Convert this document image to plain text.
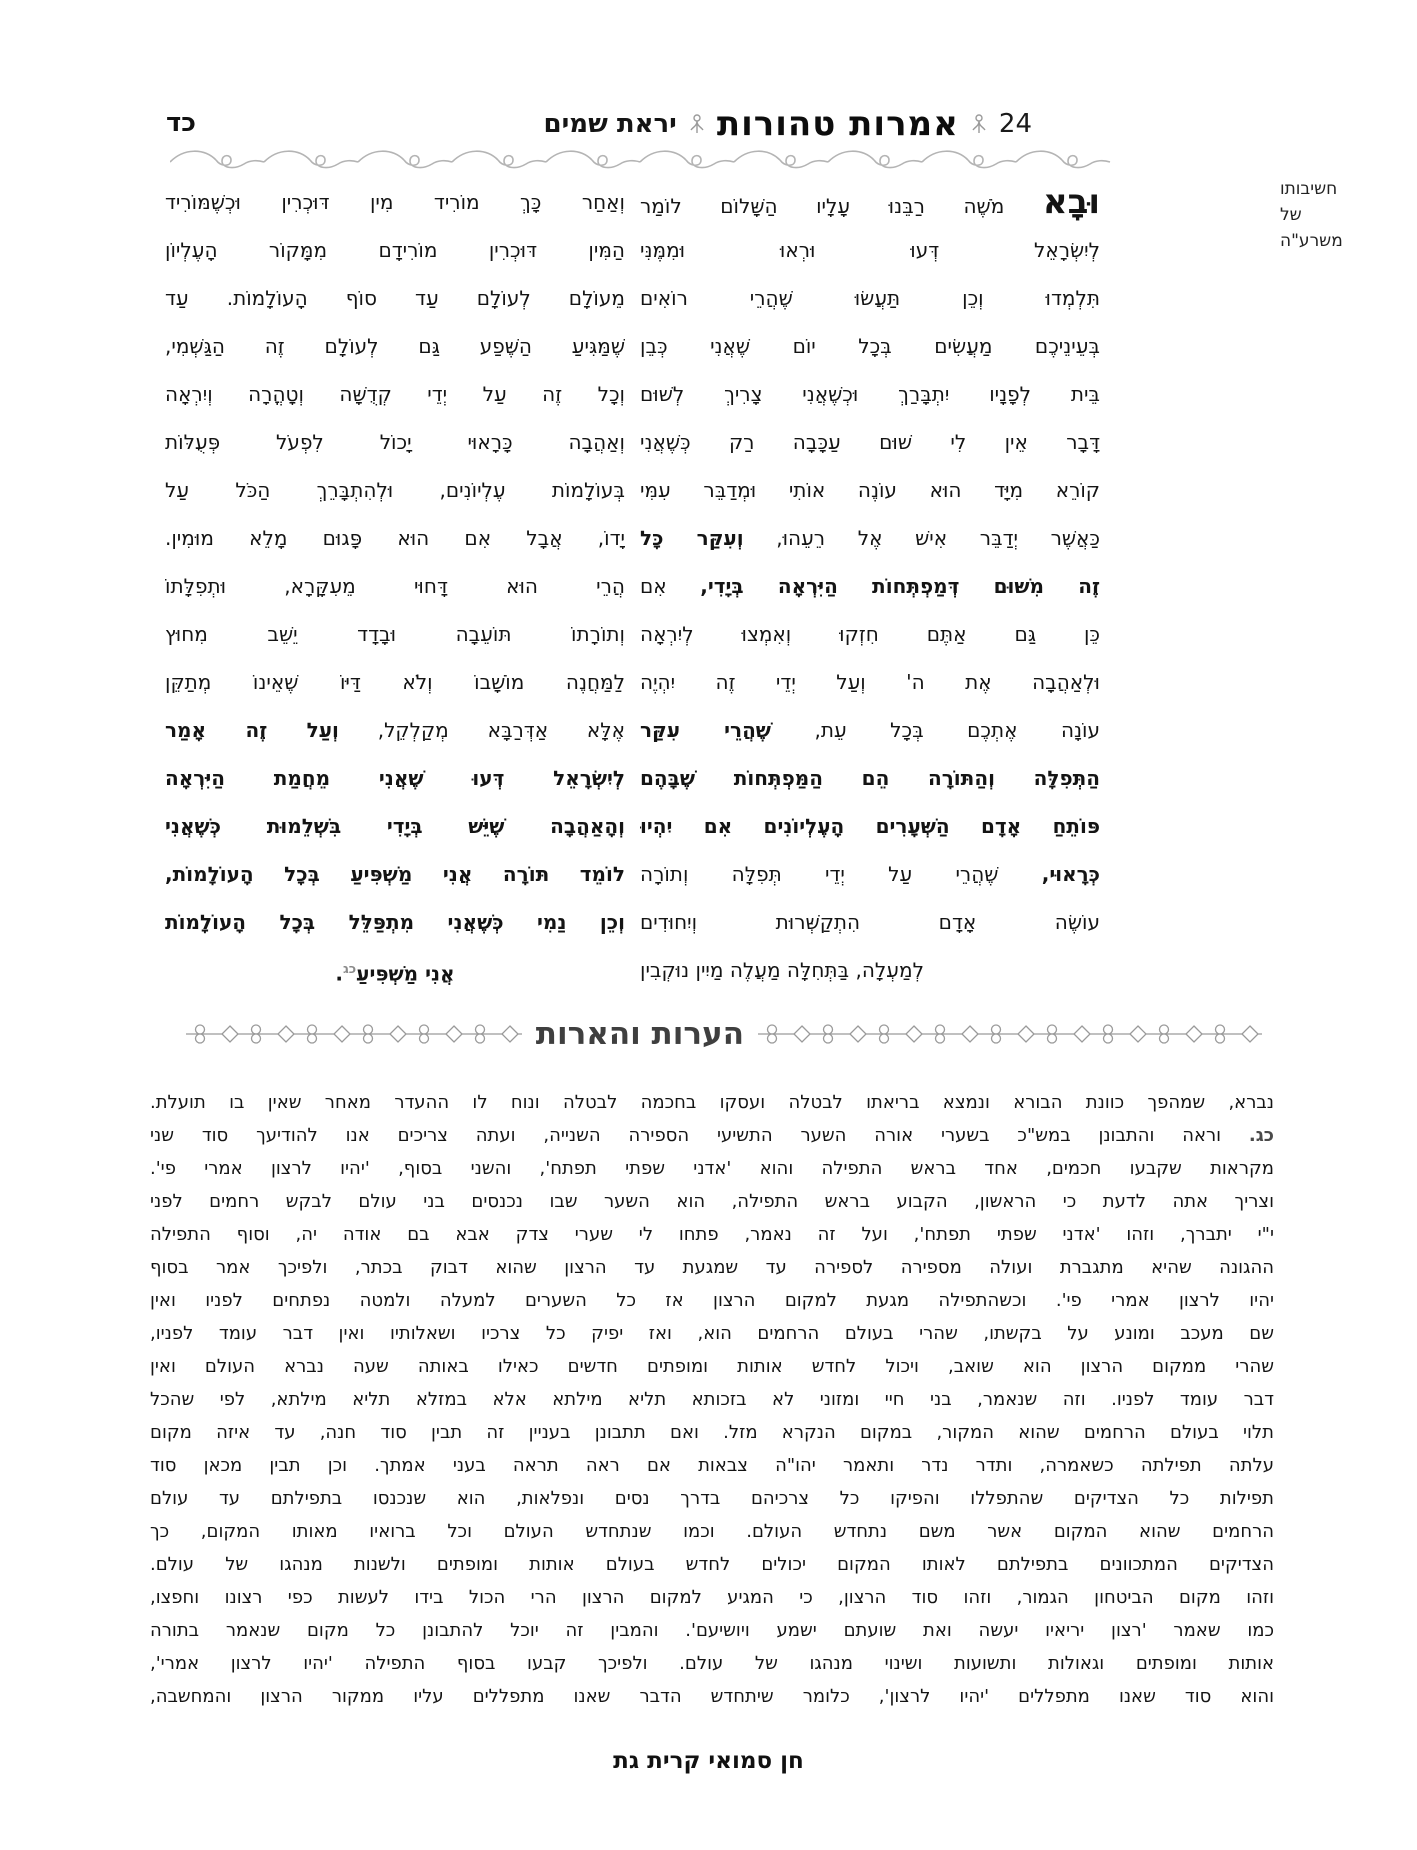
24
אמרות טהורות
יראת שמים
כד
חשיבותו
של
משרע"ה
וּבָא מֹשֶׁה רַבֵּנוּ עָלָיו הַשָּׁלוֹם לוֹמַר
לְיִשְׂרָאֵל דְּעוּ וּרְאוּ וּמִמֶּנִּי
תִּלְמְדוּ וְכֵן תַּעֲשׂוּ שֶׁהֲרֵי רוֹאִים
בְּעֵינֵיכֶם מַעֲשִׂים בְּכָל יוֹם שֶׁאֲנִי כְּבֵן
בֵּית לְפָנָיו יִתְבָּרַךְ וּכְשֶׁאֲנִי צָרִיךְ לְשׁוּם
דָּבָר אֵין לִי שׁוּם עַכָּבָה רַק כְּשֶׁאֲנִי
קוֹרֵא מִיָּד הוּא עוֹנֶה אוֹתִי וּמְדַבֵּר עִמִּי
כַּאֲשֶׁר יְדַבֵּר אִישׁ אֶל רֵעֵהוּ, וְעִקַּר כָּל
זֶה מִשּׁוּם דְּמַפְתְּחוֹת הַיִּרְאָה בְּיָדִי, אִם
כֵּן גַּם אַתֶּם חִזְקוּ וְאִמְצוּ לְיִרְאָה
וּלְאַהֲבָה אֶת ה' וְעַל יְדֵי זֶה יִהְיֶה
עוֹנָה אֶתְכֶם בְּכָל עֵת, שֶׁהֲרֵי עִקַּר
הַתְּפִלָּה וְהַתּוֹרָה הֵם הַמַּפְתְּחוֹת שֶׁבָּהֶם
פּוֹתֵחַ אָדָם הַשְּׁעָרִים הָעֶלְיוֹנִים אִם יִהְיוּ
כְּרָאוּי, שֶׁהֲרֵי עַל יְדֵי תְּפִלָּה וְתוֹרָה
עוֹשֶׂה אָדָם הִתְקַשְּׁרוּת וְיִחוּדִים
לְמַעְלָה, בַּתְּחִלָּה מַעֲלֶה מַיִין נוּקְבִין
וְאַחַר כָּךְ מוֹרִיד מִין דּוּכְרִין וּכְשֶׁמּוֹרִיד
הַמִּין דּוּכְרִין מוֹרִידָם מִמָּקוֹר הָעֶלְיוֹן
מֵעוֹלָם לְעוֹלָם עַד סוֹף הָעוֹלָמוֹת. עַד
שֶׁמַּגִּיעַ הַשֶּׁפַע גַּם לְעוֹלָם זֶה הַגַּשְׁמִי,
וְכָל זֶה עַל יְדֵי קְדֻשָּׁה וְטָהֳרָה וְיִרְאָה
וְאַהֲבָה כָּרָאוּי יָכוֹל לִפְעֹל פְּעֻלּוֹת
בְּעוֹלָמוֹת עֶלְיוֹנִים, וּלְהִתְבָּרֵךְ הַכֹּל עַל
יָדוֹ, אֲבָל אִם הוּא פָּגוּם מָלֵא מוּמִין.
הֲרֵי הוּא דָּחוּי מֵעִקָּרָא, וּתְפִלָּתוֹ
וְתוֹרָתוֹ תּוֹעֵבָה וּבָדָד יֵשֵׁב מִחוּץ
לַמַּחֲנֶה מוֹשָׁבוֹ וְלֹא דַּיּוֹ שֶׁאֵינוֹ מְתַקֵּן
אֶלָּא אַדְּרַבָּא מְקַלְקֵל, וְעַל זֶה אָמַר
לְיִשְׂרָאֵל דְּעוּ שֶׁאֲנִי מֵחֲמַת הַיִּרְאָה
וְהָאַהֲבָה שֶׁיֵּשׁ בְּיָדִי בִּשְׁלֵמוּת כְּשֶׁאֲנִי
לוֹמֵד תּוֹרָה אֲנִי מַשְׁפִּיעַ בְּכָל הָעוֹלָמוֹת,
וְכֵן נַמִי כְּשֶׁאֲנִי מִתְפַּלֵּל בְּכָל הָעוֹלָמוֹת
אֲנִי מַשְׁפִּיעַ$^{כג}$.
הערות והארות
נברא, שמהפך כוונת הבורא ונמצא בריאתו לבטלה ועסקו בחכמה לבטלה ונוח לו ההעדר מאחר שאין בו תועלת.
כג. וראה והתבונן במש"כ בשערי אורה השער התשיעי הספירה השנייה, ועתה צריכים אנו להודיעך סוד שני
מקראות שקבעו חכמים, אחד בראש התפילה והוא 'אדני שפתי תפתח', והשני בסוף, 'יהיו לרצון אמרי פי'.
וצריך אתה לדעת כי הראשון, הקבוע בראש התפילה, הוא השער שבו נכנסים בני עולם לבקש רחמים לפני
י"י יתברך, וזהו 'אדני שפתי תפתח', ועל זה נאמר, פתחו לי שערי צדק אבא בם אודה יה, וסוף התפילה
ההגונה שהיא מתגברת ועולה מספירה לספירה עד שמגעת עד הרצון שהוא דבוק בכתר, ולפיכך אמר בסוף
יהיו לרצון אמרי פי'. וכשהתפילה מגעת למקום הרצון אז כל השערים למעלה ולמטה נפתחים לפניו ואין
שם מעכב ומונע על בקשתו, שהרי בעולם הרחמים הוא, ואז יפיק כל צרכיו ושאלותיו ואין דבר עומד לפניו,
שהרי ממקום הרצון הוא שואב, ויכול לחדש אותות ומופתים חדשים כאילו באותה שעה נברא העולם ואין
דבר עומד לפניו. וזה שנאמר, בני חיי ומזוני לא בזכותא תליא מילתא אלא במזלא תליא מילתא, לפי שהכל
תלוי בעולם הרחמים שהוא המקור, במקום הנקרא מזל. ואם תתבונן בעניין זה תבין סוד חנה, עד איזה מקום
עלתה תפילתה כשאמרה, ותדר נדר ותאמר יהו"ה צבאות אם ראה תראה בעני אמתך. וכן תבין מכאן סוד
תפילות כל הצדיקים שהתפללו והפיקו כל צרכיהם בדרך נסים ונפלאות, הוא שנכנסו בתפילתם עד עולם
הרחמים שהוא המקום אשר משם נתחדש העולם. וכמו שנתחדש העולם וכל ברואיו מאותו המקום, כך
הצדיקים המתכוונים בתפילתם לאותו המקום יכולים לחדש בעולם אותות ומופתים ולשנות מנהגו של עולם.
וזהו מקום הביטחון הגמור, וזהו סוד הרצון, כי המגיע למקום הרצון הרי הכול בידו לעשות כפי רצונו וחפצו,
כמו שאמר 'רצון יריאיו יעשה ואת שועתם ישמע ויושיעם'. והמבין זה יוכל להתבונן כל מקום שנאמר בתורה
אותות ומופתים וגאולות ותשועות ושינוי מנהגו של עולם. ולפיכך קבעו בסוף התפילה 'יהיו לרצון אמרי',
והוא סוד שאנו מתפללים 'יהיו לרצון', כלומר שיתחדש הדבר שאנו מתפללים עליו ממקור הרצון והמחשבה,
חן סמואי קרית גת
